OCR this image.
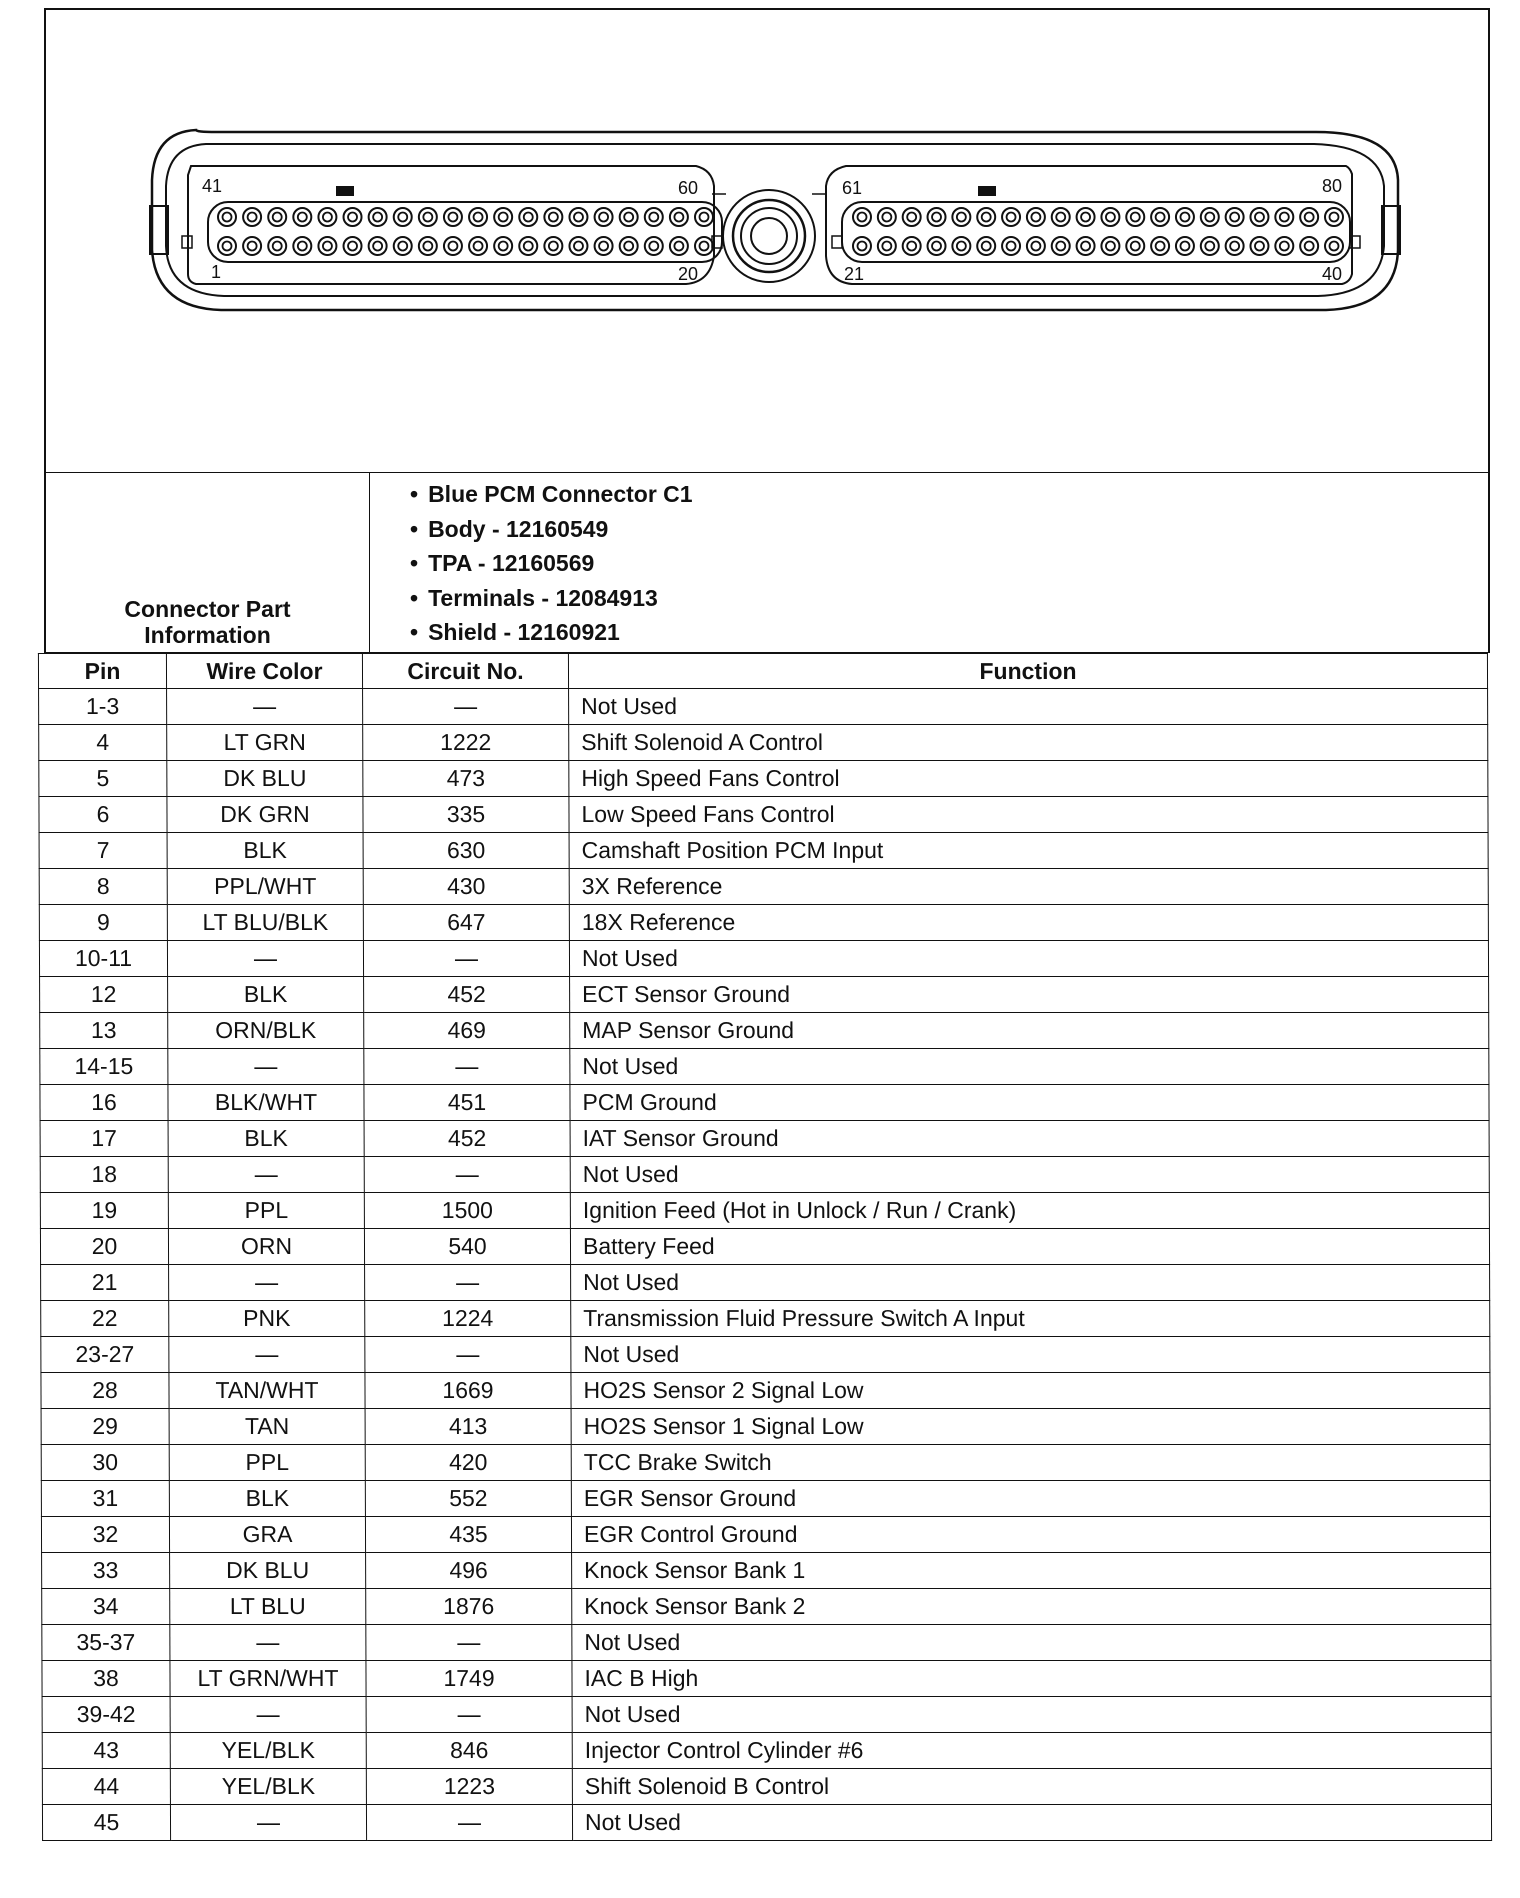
41	60
1	20
61	80
21	40
Connector Part Information
• Blue PCM Connector C1
• Body - 12160549
• TPA - 12160569
• Terminals - 12084913
• Shield - 12160921
Pin	Wire Color	Circuit No.	Function
1-3	—	—	Not Used
4	LT GRN	1222	Shift Solenoid A Control
5	DK BLU	473	High Speed Fans Control
6	DK GRN	335	Low Speed Fans Control
7	BLK	630	Camshaft Position PCM Input
8	PPL/WHT	430	3X Reference
9	LT BLU/BLK	647	18X Reference
10-11	—	—	Not Used
12	BLK	452	ECT Sensor Ground
13	ORN/BLK	469	MAP Sensor Ground
14-15	—	—	Not Used
16	BLK/WHT	451	PCM Ground
17	BLK	452	IAT Sensor Ground
18	—	—	Not Used
19	PPL	1500	Ignition Feed (Hot in Unlock / Run / Crank)
20	ORN	540	Battery Feed
21	—	—	Not Used
22	PNK	1224	Transmission Fluid Pressure Switch A Input
23-27	—	—	Not Used
28	TAN/WHT	1669	HO2S Sensor 2 Signal Low
29	TAN	413	HO2S Sensor 1 Signal Low
30	PPL	420	TCC Brake Switch
31	BLK	552	EGR Sensor Ground
32	GRA	435	EGR Control Ground
33	DK BLU	496	Knock Sensor Bank 1
34	LT BLU	1876	Knock Sensor Bank 2
35-37	—	—	Not Used
38	LT GRN/WHT	1749	IAC B High
39-42	—	—	Not Used
43	YEL/BLK	846	Injector Control Cylinder #6
44	YEL/BLK	1223	Shift Solenoid B Control
45	—	—	Not Used
